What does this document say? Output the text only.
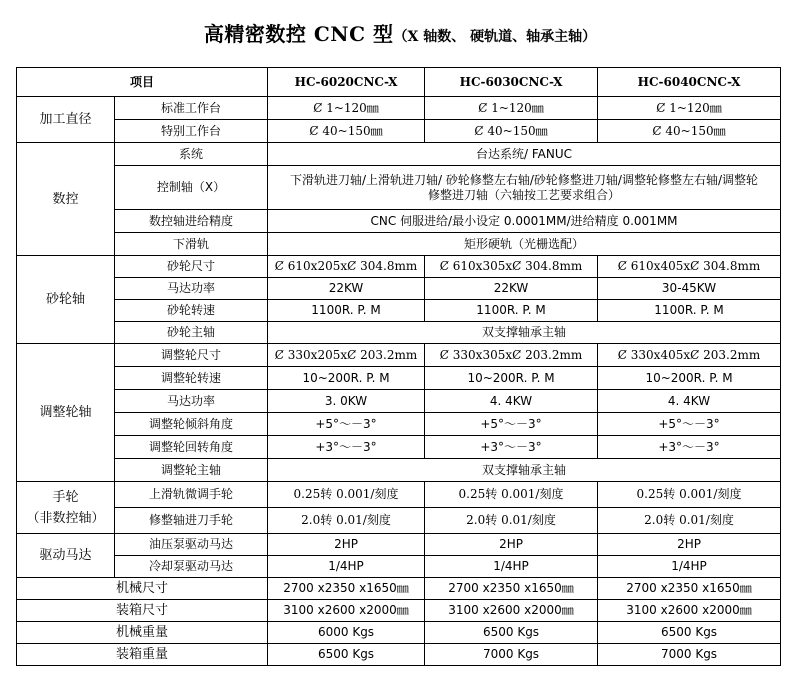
高精密数控 CNC 型（X 轴数、 硬轨道、轴承主轴）
项目		HC-6020CNC-X	HC-6030CNC-X	HC-6040CNC-X
加工直径	标准工作台	Ȼ 1~120㎜	Ȼ 1~120㎜	Ȼ 1~120㎜
	特别工作台	Ȼ 40~150㎜	Ȼ 40~150㎜	Ȼ 40~150㎜
数控	系统	台达系统/ FANUC		
	控制轴（X）	下滑轨进刀轴/上滑轨进刀轴/ 砂轮修整左右轴/砂轮修整进刀轴/调整轮修整左右轴/调整轮修整进刀轴（六轴按工艺要求组合）		
	数控轴进给精度	CNC 伺服进给/最小设定 0.0001MM/进给精度 0.001MM		
	下滑轨	矩形硬轨（光栅选配）		
砂轮轴	砂轮尺寸	Ȼ 610x205xȻ 304.8mm	Ȼ 610x305xȻ 304.8mm	Ȼ 610x405xȻ 304.8mm
	马达功率	22KW	22KW	30-45KW
	砂轮转速	1100R. P. M	1100R. P. M	1100R. P. M
	砂轮主轴	双支撑轴承主轴		
调整轮轴	调整轮尺寸	Ȼ 330x205xȻ 203.2mm	Ȼ 330x305xȻ 203.2mm	Ȼ 330x405xȻ 203.2mm
	调整轮转速	10~200R. P. M	10~200R. P. M	10~200R. P. M
	马达功率	3. 0KW	4. 4KW	4. 4KW
	调整轮倾斜角度	+5°～－3°	+5°～－3°	+5°～－3°
	调整轮回转角度	+3°～－3°	+3°～－3°	+3°～－3°
	调整轮主轴	双支撑轴承主轴		

手轮
（非数控轴）	上滑轨微调手轮	0.25转 0.001/刻度	0.25转 0.001/刻度	0.25转 0.001/刻度
	修整轴进刀手轮	2.0转 0.01/刻度	2.0转 0.01/刻度	2.0转 0.01/刻度
驱动马达	油压泵驱动马达	2HP	2HP	2HP
	冷却泵驱动马达	1/4HP	1/4HP	1/4HP
机械尺寸		2700 x2350 x1650㎜	2700 x2350 x1650㎜	2700 x2350 x1650㎜
装箱尺寸		3100 x2600 x2000㎜	3100 x2600 x2000㎜	3100 x2600 x2000㎜
机械重量		6000 Kgs	6500 Kgs	6500 Kgs
装箱重量		6500 Kgs	7000 Kgs	7000 Kgs
